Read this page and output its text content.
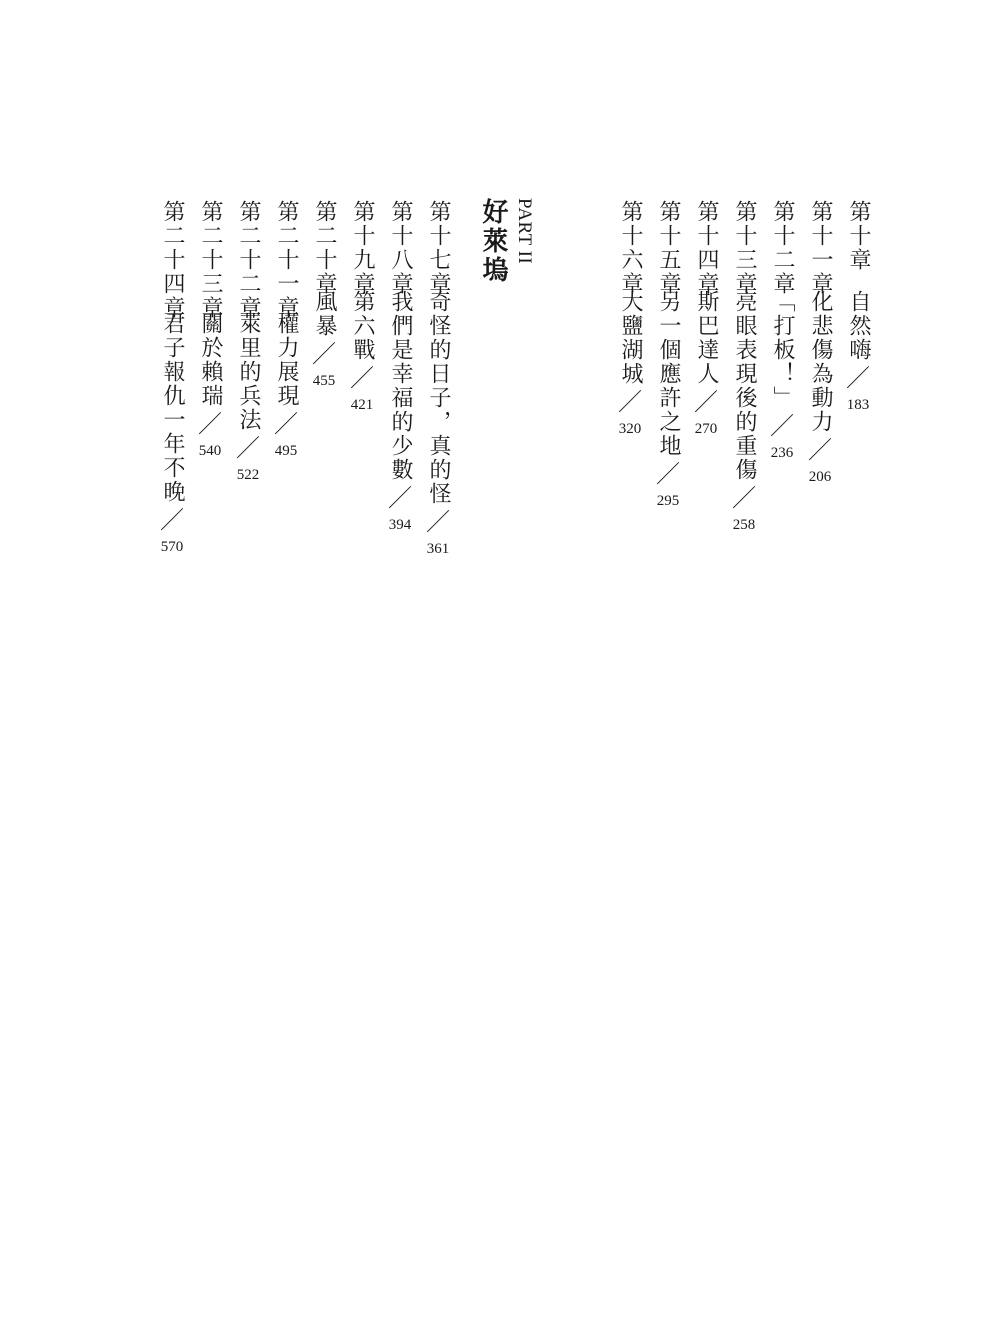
第十章
自然嗨
／
183
第十一章
化悲傷為動力
／
206
第十二章
「打板！」
／
236
第十三章
亮眼表現後的重傷
／
258
第十四章
斯巴達人
／
270
第十五章
另一個應許之地
／
295
第十六章
大鹽湖城
／
320
PART II
好萊塢
第十七章
奇怪的日子，真的怪
／
361
第十八章
我們是幸福的少數
／
394
第十九章
第六戰
／
421
第二十章
風暴
／
455
第二十一章
權力展現
／
495
第二十二章
萊里的兵法
／
522
第二十三章
關於賴瑞
／
540
第二十四章
君子報仇一年不晚
／
570
